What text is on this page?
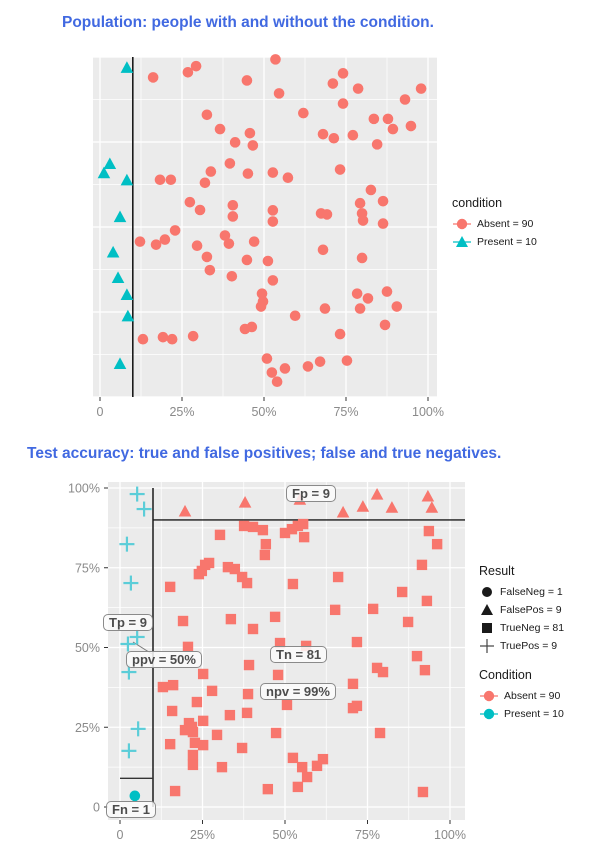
0	25%	50%	75%	100%
0	25%	50%	75%	100%
100%
75%
50%
25%
0
Population: people with and without the condition.
Test accuracy: true and false positives; false and true negatives.
condition
Absent = 90
Present = 10
Result
FalseNeg = 1
FalsePos = 9
TrueNeg = 81
TruePos = 9
Condition
Absent = 90
Present = 10
Fp = 9
Tp = 9
ppv = 50%	Tn = 81
npv = 99%
Fn = 1
